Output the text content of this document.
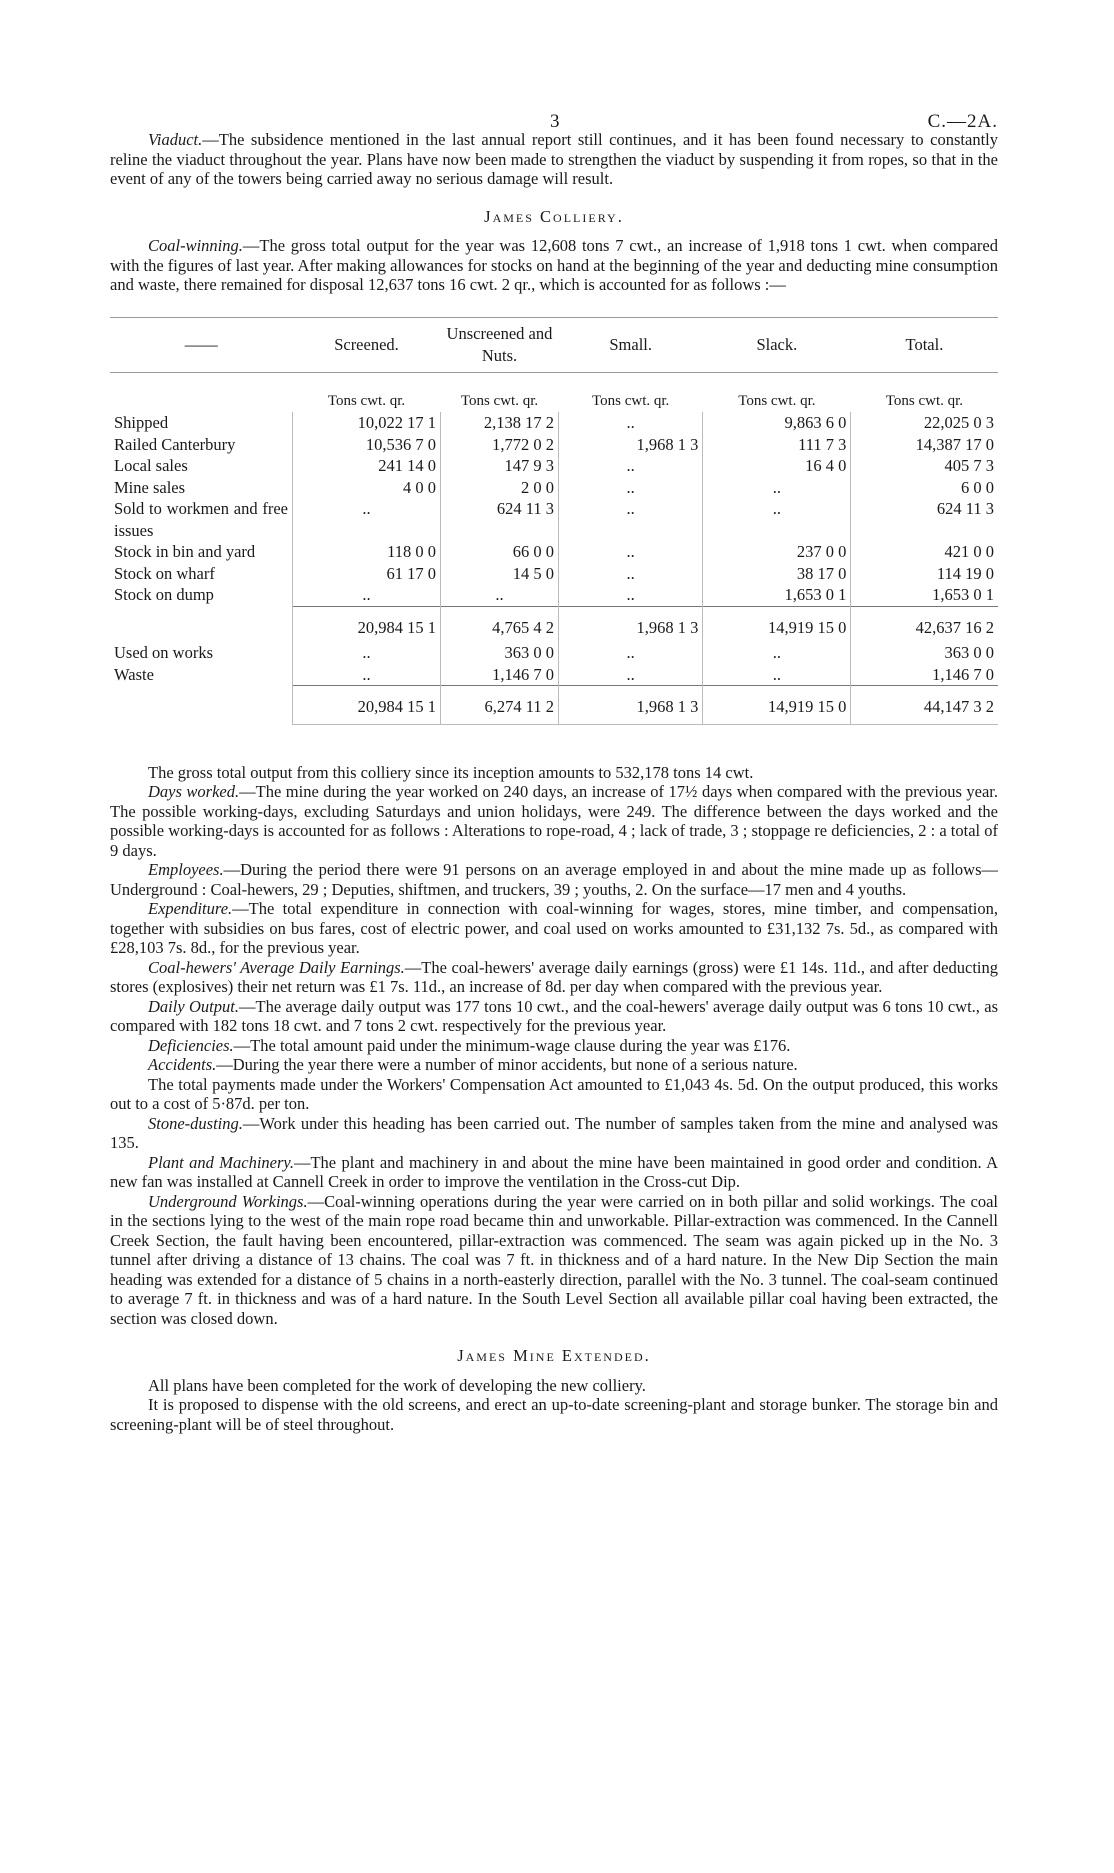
3	C.—2A.

Viaduct.—The subsidence mentioned in the last annual report still continues, and it has been found necessary to constantly reline the viaduct throughout the year. Plans have now been made to strengthen the viaduct by suspending it from ropes, so that in the event of any of the towers being carried away no serious damage will result.

James Colliery.

Coal-winning.—The gross total output for the year was 12,608 tons 7 cwt., an increase of 1,918 tons 1 cwt. when compared with the figures of last year. After making allowances for stocks on hand at the beginning of the year and deducting mine consumption and waste, there remained for disposal 12,637 tons 16 cwt. 2 qr., which is accounted for as follows :—

——	Screened.	Unscreened and Nuts.	Small.	Slack.	Total.
	Tons cwt. qr.	Tons cwt. qr.	Tons cwt. qr.	Tons cwt. qr.	Tons cwt. qr.
Shipped	10,022 17 1	2,138 17 2	..	9,863 6 0	22,025 0 3
Railed Canterbury	10,536 7 0	1,772 0 2	1,968 1 3	111 7 3	14,387 17 0
Local sales	241 14 0	147 9 3	..	16 4 0	405 7 3
Mine sales	4 0 0	2 0 0	..	..	6 0 0
Sold to workmen and free issues	..	624 11 3	..	..	624 11 3
Stock in bin and yard	118 0 0	66 0 0	..	237 0 0	421 0 0
Stock on wharf	61 17 0	14 5 0	..	38 17 0	114 19 0
Stock on dump	..	..	..	1,653 0 1	1,653 0 1
	20,984 15 1	4,765 4 2	1,968 1 3	14,919 15 0	42,637 16 2
Used on works	..	363 0 0	..	..	363 0 0
Waste	..	1,146 7 0	..	..	1,146 7 0
	20,984 15 1	6,274 11 2	1,968 1 3	14,919 15 0	44,147 3 2

The gross total output from this colliery since its inception amounts to 532,178 tons 14 cwt.

Days worked.—The mine during the year worked on 240 days, an increase of 17½ days when compared with the previous year. The possible working-days, excluding Saturdays and union holidays, were 249. The difference between the days worked and the possible working-days is accounted for as follows : Alterations to rope-road, 4 ; lack of trade, 3 ; stoppage re deficiencies, 2 : a total of 9 days.

Employees.—During the period there were 91 persons on an average employed in and about the mine made up as follows—Underground : Coal-hewers, 29 ; Deputies, shiftmen, and truckers, 39 ; youths, 2. On the surface—17 men and 4 youths.

Expenditure.—The total expenditure in connection with coal-winning for wages, stores, mine timber, and compensation, together with subsidies on bus fares, cost of electric power, and coal used on works amounted to £31,132 7s. 5d., as compared with £28,103 7s. 8d., for the previous year.

Coal-hewers' Average Daily Earnings.—The coal-hewers' average daily earnings (gross) were £1 14s. 11d., and after deducting stores (explosives) their net return was £1 7s. 11d., an increase of 8d. per day when compared with the previous year.

Daily Output.—The average daily output was 177 tons 10 cwt., and the coal-hewers' average daily output was 6 tons 10 cwt., as compared with 182 tons 18 cwt. and 7 tons 2 cwt. respectively for the previous year.

Deficiencies.—The total amount paid under the minimum-wage clause during the year was £176.

Accidents.—During the year there were a number of minor accidents, but none of a serious nature.

The total payments made under the Workers' Compensation Act amounted to £1,043 4s. 5d. On the output produced, this works out to a cost of 5·87d. per ton.

Stone-dusting.—Work under this heading has been carried out. The number of samples taken from the mine and analysed was 135.

Plant and Machinery.—The plant and machinery in and about the mine have been maintained in good order and condition. A new fan was installed at Cannell Creek in order to improve the ventilation in the Cross-cut Dip.

Underground Workings.—Coal-winning operations during the year were carried on in both pillar and solid workings. The coal in the sections lying to the west of the main rope road became thin and unworkable. Pillar-extraction was commenced. In the Cannell Creek Section, the fault having been encountered, pillar-extraction was commenced. The seam was again picked up in the No. 3 tunnel after driving a distance of 13 chains. The coal was 7 ft. in thickness and of a hard nature. In the New Dip Section the main heading was extended for a distance of 5 chains in a north-easterly direction, parallel with the No. 3 tunnel. The coal-seam continued to average 7 ft. in thickness and was of a hard nature. In the South Level Section all available pillar coal having been extracted, the section was closed down.

James Mine Extended.

All plans have been completed for the work of developing the new colliery.

It is proposed to dispense with the old screens, and erect an up-to-date screening-plant and storage bunker. The storage bin and screening-plant will be of steel throughout.
